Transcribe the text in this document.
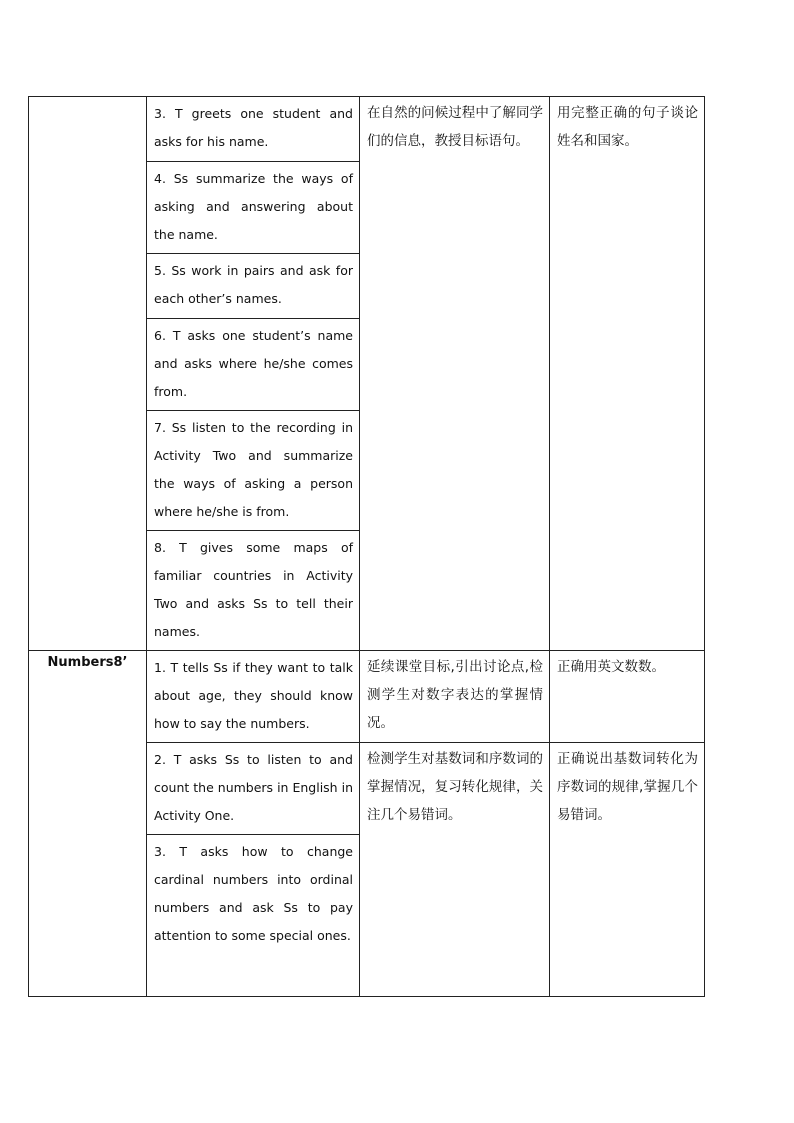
	3. T greets one student and asks for his name.	在自然的问候过程中了解同学们的信息，教授目标语句。	用完整正确的句子谈论姓名和国家。

	4. Ss summarize the ways of asking and answering about the name.		

	5. Ss work in pairs and ask for each other’s names.		

	6. T asks one student’s name and asks where he/she comes from.		

	7. Ss listen to the recording in Activity Two and summarize the ways of asking a person where he/she is from.		

	8. T gives some maps of familiar countries in Activity Two and asks Ss to tell their names.		

Numbers8’	1. T tells Ss if they want to talk about age, they should know how to say the numbers.	延续课堂目标,引出讨论点,检测学生对数字表达的掌握情况。	正确用英文数数。

	2. T asks Ss to listen to and count the numbers in English in Activity One.	检测学生对基数词和序数词的掌握情况，复习转化规律，关注几个易错词。	正确说出基数词转化为序数词的规律,掌握几个易错词。

	3. T asks how to change cardinal numbers into ordinal numbers and ask Ss to pay attention to some special ones.		
